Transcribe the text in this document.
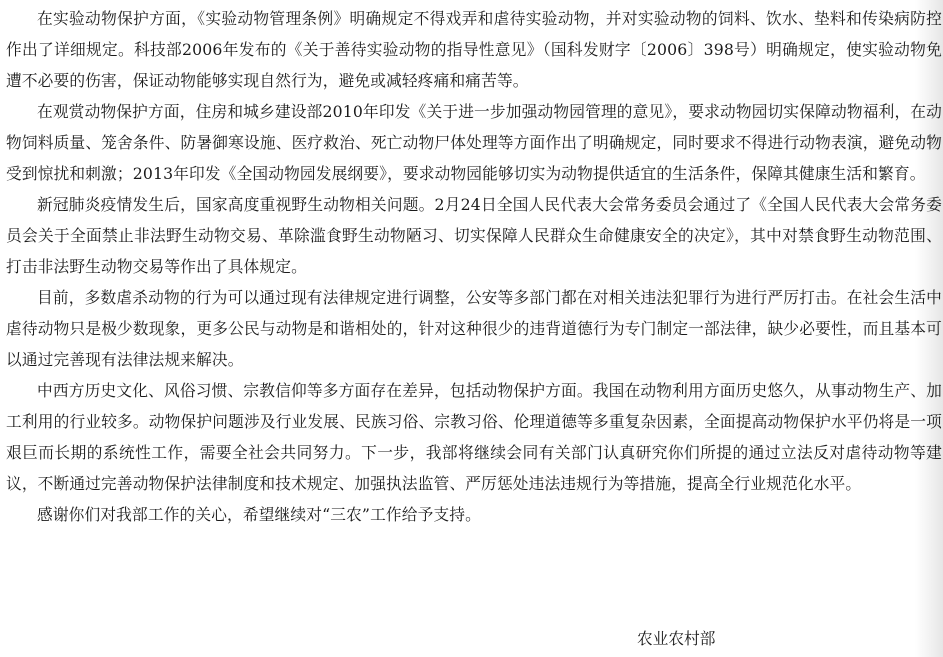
在实验动物保护方面，《实验动物管理条例》明确规定不得戏弄和虐待实验动物，并对实验动物的饲料、饮水、垫料和传染病防控作出了详细规定。科技部2006年发布的《关于善待实验动物的指导性意见》（国科发财字〔2006〕398号）明确规定，使实验动物免遭不必要的伤害，保证动物能够实现自然行为，避免或减轻疼痛和痛苦等。

在观赏动物保护方面，住房和城乡建设部2010年印发《关于进一步加强动物园管理的意见》，要求动物园切实保障动物福利，在动物饲料质量、笼舍条件、防暑御寒设施、医疗救治、死亡动物尸体处理等方面作出了明确规定，同时要求不得进行动物表演，避免动物受到惊扰和刺激；2013年印发《全国动物园发展纲要》，要求动物园能够切实为动物提供适宜的生活条件，保障其健康生活和繁育。

新冠肺炎疫情发生后，国家高度重视野生动物相关问题。2月24日全国人民代表大会常务委员会通过了《全国人民代表大会常务委员会关于全面禁止非法野生动物交易、革除滥食野生动物陋习、切实保障人民群众生命健康安全的决定》，其中对禁食野生动物范围、打击非法野生动物交易等作出了具体规定。

目前，多数虐杀动物的行为可以通过现有法律规定进行调整，公安等多部门都在对相关违法犯罪行为进行严厉打击。在社会生活中虐待动物只是极少数现象，更多公民与动物是和谐相处的，针对这种很少的违背道德行为专门制定一部法律，缺少必要性，而且基本可以通过完善现有法律法规来解决。

中西方历史文化、风俗习惯、宗教信仰等多方面存在差异，包括动物保护方面。我国在动物利用方面历史悠久，从事动物生产、加工利用的行业较多。动物保护问题涉及行业发展、民族习俗、宗教习俗、伦理道德等多重复杂因素，全面提高动物保护水平仍将是一项艰巨而长期的系统性工作，需要全社会共同努力。下一步，我部将继续会同有关部门认真研究你们所提的通过立法反对虐待动物等建议，不断通过完善动物保护法律制度和技术规定、加强执法监管、严厉惩处违法违规行为等措施，提高全行业规范化水平。

感谢你们对我部工作的关心，希望继续对“三农”工作给予支持。

农业农村部
